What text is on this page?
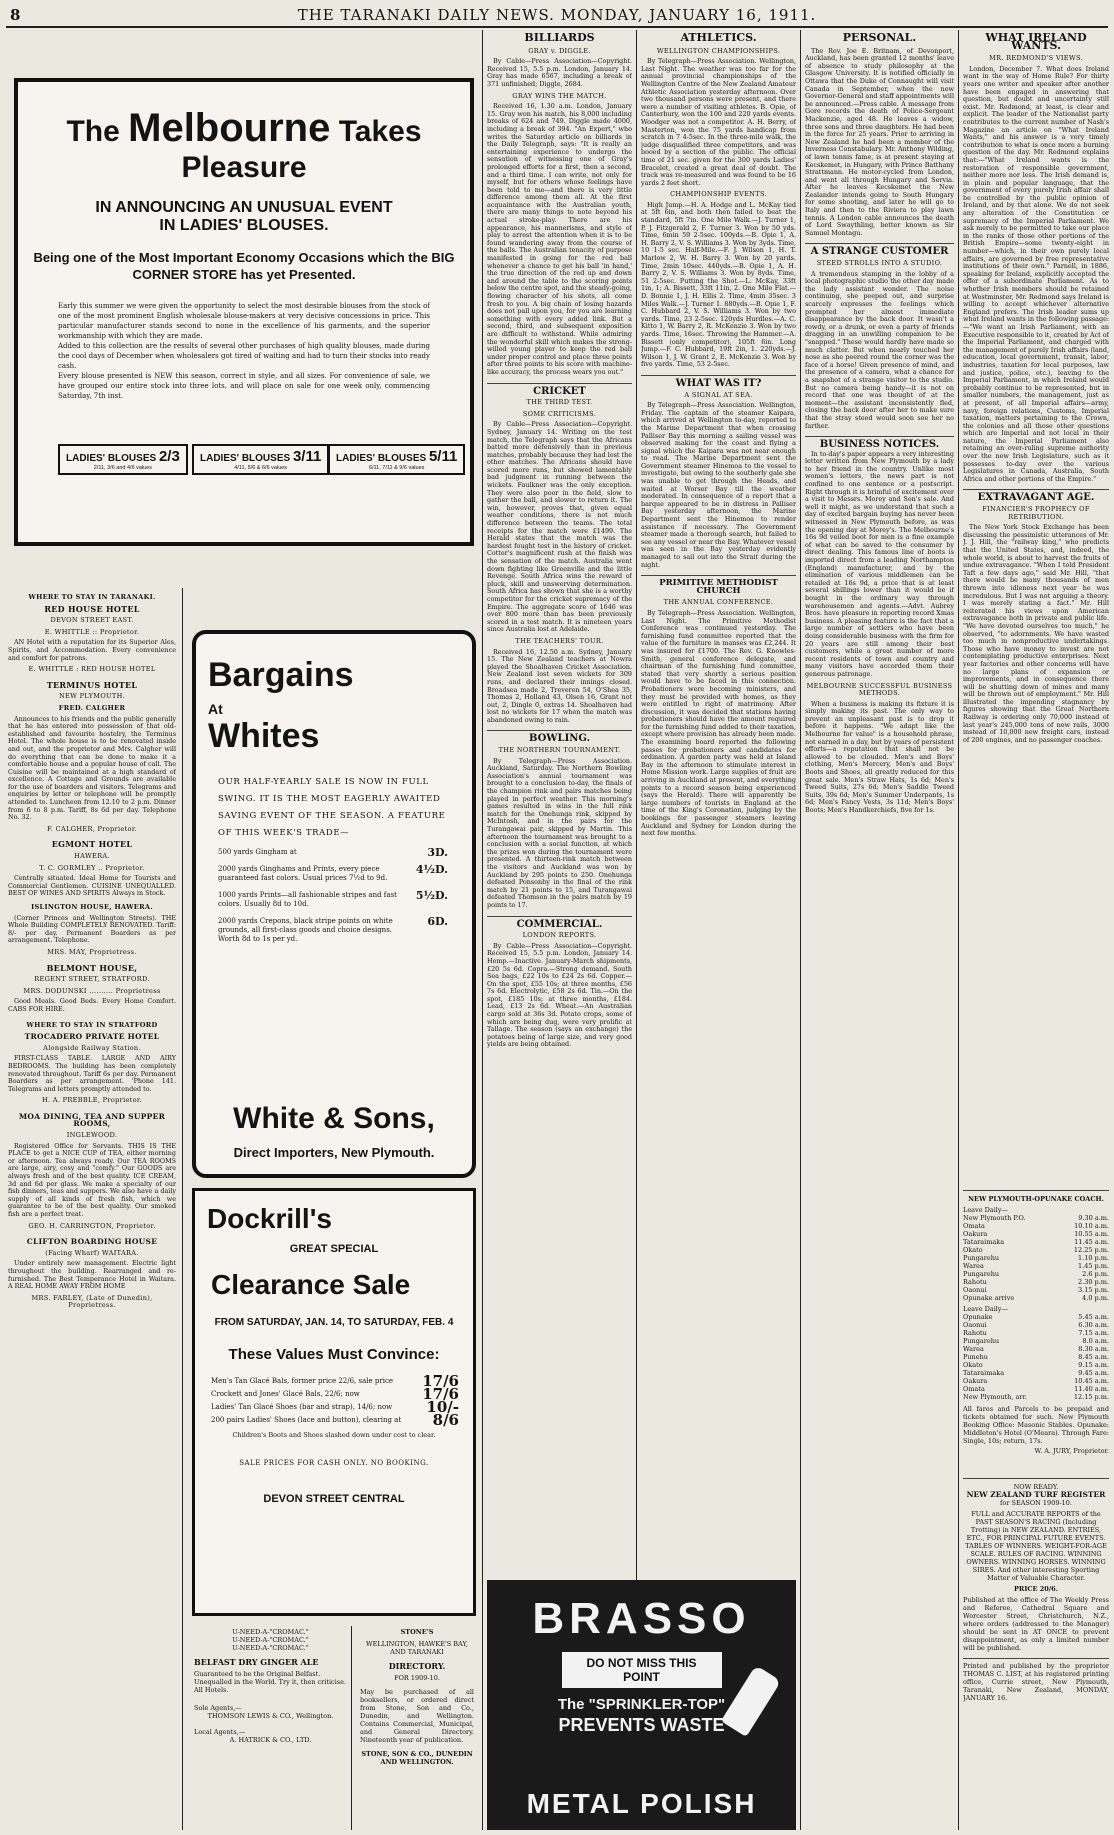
8	THE TARANAKI DAILY NEWS. MONDAY, JANUARY 16, 1911.
The Melbourne Takes Pleasure
IN ANNOUNCING AN UNUSUAL EVENT
IN LADIES' BLOUSES.
Being one of the Most Important Economy Occasions which the BIG CORNER STORE has yet Presented.

Early this summer we were given the opportunity to select the most desirable blouses from the stock of one of the most prominent English wholesale blouse-makers at very decisive concessions in price. This particular manufacturer stands second to none in the excellence of his garments, and the superior workmanship with which they are made.

Added to this collection are the results of several other purchases of high quality blouses, made during the cool days of December when wholesalers got tired of waiting and had to turn their stocks into ready cash.

Every blouse presented is NEW this season, correct in style, and all sizes. For convenience of sale, we have grouped our entire stock into three lots, and will place on sale for one week only, commencing Saturday, 7th inst.

LADIES' BLOUSES 2/3
2/11, 3/6 and 4/6 values
LADIES' BLOUSES 3/11
4/11, 5/6 & 6/6 values
LADIES' BLOUSES 5/11
6/11, 7/11 & 9/6 values
WHERE TO STAY IN TARANAKI.
RED HOUSE HOTEL
DEVON STREET EAST.
E. WHITTLE :: Proprietor.

AN Hotel with a reputation for its Superior Ales, Spirits, and Accommodation. Every convenience and comfort for patrons.

E. WHITTLE : RED HOUSE HOTEL
TERMINUS HOTEL
NEW PLYMOUTH.
FRED. CALGHER

Announces to his friends and the public generally that he has entered into possession of that old-established and favourite hostelry, the Terminus Hotel. The whole house is to be renovated inside and out, and the proprietor and Mrs. Calgher will do everything that can be done to make it a comfortable house and a popular house of call. The Cuisine will be maintained at a high standard of excellence. A Cottage and Grounds are available for the use of boarders and visitors. Telegrams and enquiries by letter or telephone will be promptly attended to. Luncheon from 12.10 to 2 p.m. Dinner from 6 to 8 p.m. Tariff, 8s 6d per day. Telephone No. 32.

F. CALGHER, Proprietor.
EGMONT HOTEL
HAWERA.
T. C. GORMLEY .. Proprietor.

Centrally situated. Ideal Home for Tourists and Commercial Gentlemen. CUISINE UNEQUALLED. BEST OF WINES AND SPIRITS Always in Stock.

ISLINGTON HOUSE, HAWERA.

(Corner Princes and Wellington Streets). THE Whole Building COMPLETELY RENOVATED. Tariff: 8/- per day. Permanent Boarders as per arrangement. Telephone.

MRS. MAY, Proprietress.
BELMONT HOUSE,
REGENT STREET, STRATFORD.
MRS. DODUNSKI .......... Proprietress

Good Meals. Good Beds. Every Home Comfort. CABS FOR HIRE.

WHERE TO STAY IN STRATFORD
TROCADERO PRIVATE HOTEL
Alongside Railway Station.

FIRST-CLASS TABLE. LARGE AND AIRY BEDROOMS. The building has been completely renovated throughout. Tariff 6s per day. Permanent Boarders as per arrangement. 'Phone 141. Telegrams and letters promptly attended to.

H. A. PREBBLE, Proprietor.
MOA DINING, TEA AND SUPPER ROOMS,
INGLEWOOD.

Registered Office for Servants. THIS IS THE PLACE to get a NICE CUP of TEA, either morning or afternoon. Tea always ready. Our TEA ROOMS are large, airy, cosy and "comfy." Our GOODS are always fresh and of the best quality. ICE CREAM, 3d and 6d per glass. We make a specialty of our fish dinners, teas and suppers. We also have a daily supply of all kinds of fresh fish, which we guarantee to be of the best quality. Our smoked fish are a perfect treat.

GEO. H. CARRINGTON, Proprietor.
CLIFTON BOARDING HOUSE
(Facing Wharf) WAITARA.

Under entirely new management. Electric light throughout the building. Rearranged and re-furnished. The Best Temperance Hotel in Waitara. A REAL HOME AWAY FROM HOME

MRS. FARLEY, (Late of Dunedin), Proprietress.
Bargains
At
Whites
OUR HALF-YEARLY SALE IS NOW IN FULL SWING. IT IS THE MOST EAGERLY AWAITED SAVING EVENT OF THE SEASON. A FEATURE OF THIS WEEK'S TRADE—
500 yards Gingham at	3D.
2000 yards Ginghams and Prints, every piece guaranteed fast colors. Usual prices 7½d to 9d.
4½D.
1000 yards Prints—all fashionable stripes and fast colors. Usually 8d to 10d.
5½D.
2000 yards Crepons, black stripe points on white grounds, all first-class goods and choice designs. Worth 8d to 1s per yd.
6D.
White & Sons,
Direct Importers, New Plymouth.
Dockrill's
GREAT SPECIAL
Clearance Sale
FROM SATURDAY, JAN. 14, TO SATURDAY, FEB. 4
These Values Must Convince:
Men's Tan Glacé Bals, former price 22/6, sale price 17/6
Crockett and Jones' Glacé Bals, 22/6; now	17/6
Ladies' Tan Glacé Shoes (bar and strap), 14/6; now 10/-
200 pairs Ladies' Shoes (lace and button), clearing at 8/6
Children's Boots and Shoes slashed down under cost to clear.
SALE PRICES FOR CASH ONLY. NO BOOKING.
DEVON STREET CENTRAL
U-NEED-A-"CROMAC."
U-NEED-A-"CROMAC."
U-NEED-A-"CROMAC."
BELFAST DRY GINGER ALE
Guaranteed to be the Original Belfast. Unequalled in the World. Try it, then criticise. All Hotels.
Sole Agents,—
THOMSON LEWIS & CO., Wellington.
Local Agents,—
A. HATRICK & CO., LTD.
STONE'S
WELLINGTON, HAWKE'S BAY, AND TARANAKI
DIRECTORY.
FOR 1909-10.
May be purchased of all booksellers, or ordered direct from Stone, Son and Co., Dunedin, and Wellington. Contains Commercial, Municipal, and General Directory. Nineteenth year of publication.
STONE, SON & CO., DUNEDIN AND WELLINGTON.
BILLIARDS
GRAY v. DIGGLE.

By Cable—Press Association—Copyright. Received 15, 5.5 p.m. London, January 14. Gray has made 6567, including a break of 371 unfinished; Diggle, 2684.

GRAY WINS THE MATCH.

Received 16, 1.30 a.m. London, January 15. Gray won his match, his 8,000 including breaks of 624 and 749. Diggle made 4000, including a break of 394. "An Expert," who writes the Saturday article on billiards in the Daily Telegraph, says: "It is really an entertaining experience to undergo the sensation of witnessing one of Gray's prolonged efforts for a first, then a second, and a third time. I can write, not only for myself, but for others whose feelings have been told to me—and there is very little difference among them all. At the first acquaintance with the Australian youth, there are many things to note beyond his actual stroke-play. There are his appearance, his mannerisms, and style of play to arrest the attention when it is to be found wandering away from the course of the balls. The Australian tenacity of purpose manifested in going for the red ball whenever a chance to get his ball 'in hand,' the true direction of the red up and down and around the table to the scoring points below the centre spot, and the steady-going, flowing character of his shots, all come fresh to you. A big chain of losing hazards does not pall upon you, for you are learning something with every added link. But a second, third, and subsequent exposition are difficult to withstand. While admiring the wonderful skill which makes the strong-willed young player to keep the red ball under proper control and place three points after three points to his score with machine-like accuracy, the process wears you out."

CRICKET
THE THIRD TEST.
SOME CRITICISMS.

By Cable—Press Association—Copyright. Sydney, January 14. Writing on the test match, the Telegraph says that the Africans batted more defensively than in previous matches, probably because they had lost the other matches. The Africans should have scored more runs, but showed lamentably bad judgment in running between the wickets. Faulkner was the only exception. They were also poor in the field, slow to gather the ball, and slower to return it. The win, however, proves that, given equal weather conditions, there is not much difference between the teams. The total receipts for the match were £1499. The Herald states that the match was the hardest fought test in the history of cricket. Cotter's magnificent rush at the finish was the sensation of the match. Australia went down fighting like Greenville and the little Revenge. South Africa wins the reward of pluck, skill and unswerving determination. South Africa has shown that she is a worthy competitor for the cricket supremacy of the Empire. The aggregate score of 1646 was over 800 more than has been previously scored in a test match. It is nineteen years since Australia lost at Adelaide.

THE TEACHERS' TOUR.

Received 16, 12.50 a.m. Sydney, January 15. The New Zealand teachers at Nowra played the Shoalhaven Cricket Association. New Zealand lost seven wickets for 309 runs, and declared their innings closed. Broadsea made 2, Treveren 54, O'Shea 35, Thomas 2, Holland 43, Olsen 16, Grant not out, 2, Dingle 0, extras 14. Shoalhaven had lost no wickets for 17 when the match was abandoned owing to rain.

BOWLING.
THE NORTHERN TOURNAMENT.

By Telegraph—Press Association. Auckland, Saturday. The Northern Bowling Association's annual tournament was brought to a conclusion to-day, the finals of the champion rink and pairs matches being played in perfect weather. This morning's games resulted in wins in the full rink match for the Onehunga rink, skipped by McIntosh, and in the pairs for the Turangawai pair, skipped by Martin. This afternoon the tournament was brought to a conclusion with a social function, at which the prizes won during the tournament were presented. A thirteen-rink match between the visitors and Auckland was won by Auckland by 295 points to 250. Onehunga defeated Ponsonby in the final of the rink match by 21 points to 15, and Turangawai defeated Thomson in the pairs match by 19 points to 17.

COMMERCIAL.
LONDON REPORTS.

By Cable—Press Association—Copyright. Received 15, 5.5 p.m. London, January 14. Hemp.—Inactive. January-March shipments, £20 5s 6d. Copra.—Strong demand. South Sea bags, £22 10s to £24 2s 6d. Copper.—On the spot, £55 10s; at three months, £56 7s 6d. Electrolytic, £58 2s 6d. Tin.—On the spot, £185 10s; at three months, £184. Lead, £13 2s 6d. Wheat.—An Australian cargo sold at 36s 3d. Potato crops, some of which are being dug, were very prolific at Tallage. The season (says an exchange) the potatoes being of large size, and very good yields are being obtained.

ATHLETICS.
WELLINGTON CHAMPIONSHIPS.

By Telegraph—Press Association. Wellington, Last Night. The weather was too far for the annual provincial championships of the Wellington Centre of the New Zealand Amateur Athletic Association yesterday afternoon. Over two thousand persons were present, and there were a number of visiting athletes. B. Opie, of Canterbury, won the 100 and 220 yards events. Woodger was not a competitor. A. H. Berry, of Masterton, won the 75 yards handicap from scratch in 7 4-5sec. In the three-mile walk, the judge disqualified three competitors, and was booed by a section of the public. The official time of 21 sec. given for the 300 yards Ladies' Bracelet, created a great deal of doubt. The track was re-measured and was found to be 16 yards 2 feet short.

CHAMPIONSHIP EVENTS.

High Jump.—H. A. Hodge and L. McKay tied at 5ft 6in, and both then failed to beat the standard, 5ft 7in. One Mile Walk.—J. Turner 1, P. J. Fitzgerald 2, F. Turner 3. Won by 50 yds. Time, 6min 59 2-5sec. 100yds.—B. Opie 1, A. H. Barry 2, V. S. Williams 3. Won by 3yds. Time, 10 1-5 sec. Half-Mile.—F. J. Wilson 1, H. T. Marlow 2, W. H. Barry 3. Won by 20 yards. Time, 2min 10sec. 440yds.—B. Opie 1, A. H. Barry 2, V. S. Williams 3. Won by 8yds. Time, 51 2-5sec. Putting the Shot.—L. McKay, 33ft 1in, 1; A. Bissett, 33ft 11in, 2. One Mile Flat.—D. Bonnie 1, J. H. Ellis 2. Time, 4min 35sec. 3 Miles Walk.—J. Turner 1. 880yds.—B. Opie 1, F. C. Hubbard 2, V. S. Williams 3. Won by two yards. Time, 23 2-5sec. 120yds Hurdles.—A. C. Kitto 1, W. Barry 2, R. McKenzie 3. Won by two yards. Time, 16sec. Throwing the Hammer.—A. Bissett (only competitor), 105ft 6in. Long Jump.—F. C. Hubbard, 19ft 2in, 1. 220yds.—J. Wilson 1, J. W. Grant 2, E. McKenzie 3. Won by five yards. Time, 53 2-5sec.

WHAT WAS IT?
A SIGNAL AT SEA.

By Telegraph—Press Association. Wellington, Friday. The captain of the steamer Kaipara, which arrived at Wellington to-day, reported to the Marine Department that when crossing Palliser Bay this morning a sailing vessel was observed making for the coast and flying a signal which the Kaipara was not near enough to read. The Marine Department sent the Government steamer Hinemoa to the vessel to investigate, but owing to the southerly gale she was unable to get through the Heads, and waited at Worser Bay till the weather moderated. In consequence of a report that a barque appeared to be in distress in Palliser Bay yesterday afternoon, the Marine Department sent the Hinemoa to render assistance if necessary. The Government steamer made a thorough search, but failed to see any vessel or near the Bay. Whatever vessel was seen in the Bay yesterday evidently managed to sail out into the Strait during the night.

PRIMITIVE METHODIST CHURCH
THE ANNUAL CONFERENCE.

By Telegraph—Press Association. Wellington, Last Night. The Primitive Methodist Conference was continued yesterday. The furnishing fund committee reported that the value of the furniture in manses was £2,244. It was insured for £1700. The Rev. G. Knowles-Smith, general conference delegate, and chairman of the furnishing fund committee, stated that very shortly a serious position would have to be faced in this connection. Probationers were becoming ministers, and they must be provided with homes, as they were entitled to right of matrimony. After discussion, it was decided that stations having probationers should have the amount required for the furnishing fund added to their taxation, except where provision has already been made. The examining board reported the following passes for probationers and candidates for ordination. A garden party was held at Island Bay in the afternoon to stimulate interest in Home Mission work. Large supplies of fruit are arriving in Auckland at present, and everything points to a record season being experienced (says the Herald). There will apparently be large numbers of tourists in England at the time of the King's Coronation, judging by the bookings for passenger steamers leaving Auckland and Sydney for London during the next few months.

BRASSO
DO NOT MISS THIS POINT
The "SPRINKLER-TOP"
PREVENTS WASTE
METAL POLISH
PERSONAL.

The Rev. Joe E. Britnam, of Devonport, Auckland, has been granted 12 months' leave of absence to study philosophy at the Glasgow University. It is notified officially in Ottawa that the Duke of Connaught will visit Canada in September, when the new Governor-General and staff appointments will be announced.—Press cable. A message from Gore records the death of Police-Sergeant Mackenzie, aged 48. He leaves a widow, three sons and three daughters. He had been in the force for 25 years. Prior to arriving in New Zealand he had been a member of the Inverness Constabulary. Mr. Anthony Wilding, of lawn tennis fame, is at present staying at Kecskemet, in Hungary, with Prince Batthany Strattmann. He motor-cycled from London, and went all through Hungary and Servia. After he leaves Kecskemet the New Zealander intends going to South Hungary for some shooting, and later he will go to Italy and then to the Riviera to play lawn tennis. A London cable announces the death of Lord Swaythling, better known as Sir Samuel Montagu.

A STRANGE CUSTOMER
STEED STROLLS INTO A STUDIO.

A tremendous stamping in the lobby of a local photographic studio the other day made the lady assistant wonder. The noise continuing, she peeped out, and surprise scarcely expresses the feelings which prompted her almost immediate disappearance by the back door. It wasn't a rowdy, or a drunk, or even a party of friends dragging in an unwilling companion to be "snapped." These would hardly have made so much clatter. But when nearly touched her nose as she peered round the corner was the face of a horse! Given presence of mind, and the presence of a camera, what a chance for a snapshot of a strange visitor to the studio. But no camera being handy—it is not on record that one was thought of at the moment—the assistant inconsistently fled, closing the back door after her to make sure that the stray steed would soon see her no farther.

BUSINESS NOTICES.

In to-day's paper appears a very interesting letter written from New Plymouth by a lady to her friend in the country. Unlike most women's letters, the news part is not confined to one sentence or a postscript. Right through it is brimful of excitement over a visit to Messrs. Morey and Son's sale. And well it might, as we understand that such a day of excited bargain buying has never been witnessed in New Plymouth before, as was the opening day at Morey's. The Melbourne's 16s 9d veiled boot for men is a fine example of what can be saved to the consumer by direct dealing. This famous line of boots is imported direct from a leading Northampton (England) manufacturer, and by the elimination of various middlemen can be retailed at 16s 9d, a price that is at least several shillings lower than it would be if bought in the ordinary way through warehousemen and agents.—Advt. Aubrey Bros. have pleasure in reporting record Xmas business. A pleasing feature is the fact that a large number of settlers who have been doing considerable business with the firm for 20 years are still among their best customers, while a great number of more recent residents of town and country and many visitors have accorded them their generous patronage.

MELBOURNE SUCCESSFUL BUSINESS METHODS.

When a business is making its fixture it is simply making its past. The only way to prevent an unpleasant past is to drop it before it happens. "We adapt like the Melbourne for value" is a household phrase, not earned in a day, but by years of persistent efforts—a reputation that shall not be allowed to be clouded. Men's and Boys' clothing, Men's Mercery, Men's and Boys' Boots and Shoes, all greatly reduced for this great sale. Men's Straw Hats, 1s 6d; Men's Tweed Suits, 27s 6d; Men's Saddle Tweed Suits, 39s 6d; Men's Summer Underpants, 1s 6d; Men's Fancy Vests, 3s 11d; Men's Boys' Boots; Men's Handkerchiefs, five for 1s.

WHAT IRELAND WANTS.
MR. REDMOND'S VIEWS.

London, December 7. What does Ireland want in the way of Home Rule? For thirty years one writer and speaker after another have been engaged in answering that question, but doubt and uncertainty still exist. Mr. Redmond, at least, is clear and explicit. The leader of the Nationalist party contributes to the current number of Nash's Magazine an article on "What Ireland Wants," and his answer is a very timely contribution to what is once more a burning question of the day. Mr. Redmond explains that:—"What Ireland wants is the restoration of responsible government, neither more nor less. The Irish demand is, in plain and popular language, that the government of every purely Irish affair shall be controlled by the public opinion of Ireland, and by that alone. We do not seek any alteration of the Constitution or supremacy of the Imperial Parliament. We ask merely to be permitted to take our place in the ranks of those other portions of the British Empire—some twenty-eight in number—which, in their own purely local affairs, are governed by free representative institutions of their own." Parnell, in 1886, speaking for Ireland, explicitly accepted the offer of a subordinate Parliament. As to whether Irish members should be retained at Westminster, Mr. Redmond says Ireland is willing to accept whichever alternative England prefers. The Irish leader sums up what Ireland wants in the following passage:—"We want an Irish Parliament, with an Executive responsible to it, created by Act of the Imperial Parliament, and charged with the management of purely Irish affairs (land, education, local government, transit, labor, industries, taxation for local purposes, law and justice, police, etc.), leaving to the Imperial Parliament, in which Ireland would probably continue to be represented, but in smaller numbers, the management, just as at present, of all Imperial affairs—army, navy, foreign relations, Customs, Imperial taxation, matters pertaining to the Crown, the colonies and all those other questions which are Imperial and not local in their nature, the Imperial Parliament also retaining an over-ruling supreme authority over the new Irish Legislature, such as it possesses to-day over the various Legislatures in Canada, Australia, South Africa and other portions of the Empire."

EXTRAVAGANT AGE.
FINANCIER'S PROPHECY OF RETRIBUTION.

The New York Stock Exchange has been discussing the pessimistic utterances of Mr. J. J. Hill, the "railway king," who predicts that the United States, and, indeed, the whole world, is about to harvest the fruits of undue extravagance. "When I told President Taft a few days ago," said Mr. Hill, "that there would be many thousands of men thrown into idleness next year he was incredulous. But I was not arguing a theory. I was merely stating a fact." Mr. Hill reiterated his views upon American extravagance both in private and public life. "We have devoted ourselves too much," he observed, "to adornments. We have wasted too much in nonproductive undertakings. Those who have money to invest are not contemplating productive enterprises. Next year factories and other concerns will have no large plans of expansion or improvements, and in consequence there will be shutting down of mines and many will be thrown out of employment." Mr. Hill illustrated the impending stagnancy by figures showing that the Great Northern Railway is ordering only 70,000 instead of last year's 245,000 tons of new rails, 3000 instead of 10,000 new freight cars, instead of 200 engines, and no passenger coaches.

NEW PLYMOUTH-OPUNAKE COACH.
Leave Daily—
New Plymouth P.O.	9.30 a.m.
Omata	10.10 a.m.
Oakura	10.55 a.m.
Tataraimaka	11.45 a.m.
Okato	12.25 p.m.
Pungarehu	1.10 p.m.
Warea	1.45 p.m.
Pungarehu	2.6 p.m.
Rahotu	2.30 p.m.
Oaonui	3.15 p.m.
Opunake arrive	4.0 p.m.
Leave Daily—
Opunake	5.45 a.m.
Oaonui	6.30 a.m.
Rahotu	7.15 a.m.
Pungarehu	8.0 a.m.
Warea	8.30 a.m.
Punehu	8.45 a.m.
Okato	9.15 a.m.
Tataraimaka	9.45 a.m.
Oakura	10.45 a.m.
Omata	11.40 a.m.
New Plymouth, arr.	12.15 p.m.
All fares and Parcels to be prepaid and tickets obtained for such. New Plymouth Booking Office: Masonic Stables. Opunake: Middleton's Hotel (O'Meara). Through Fare: Single, 10s; return, 17s.
W. A. JURY, Proprietor.
NOW READY.
NEW ZEALAND TURF REGISTER
for SEASON 1909-10.
FULL and ACCURATE REPORTS of the PAST SEASON'S RACING (Including Trotting) in NEW ZEALAND. ENTRIES, ETC., FOR PRINCIPAL FUTURE EVENTS. TABLES OF WINNERS. WEIGHT-FOR-AGE SCALE. RULES OF RACING. WINNING OWNERS. WINNING HORSES. WINNING SIRES. And other interesting Sporting Matter of Valuable Character.
PRICE 20/6.
Published at the office of The Weekly Press and Referee, Cathedral Square and Worcester Street, Christchurch, N.Z., where orders (addressed to the Manager) should be sent in AT ONCE to prevent disappointment, as only a limited number will be published.
Printed and published by the proprietor THOMAS C. LIST, at his registered printing office, Currie street, New Plymouth, Taranaki, New Zealand, MONDAY, JANUARY 16.
